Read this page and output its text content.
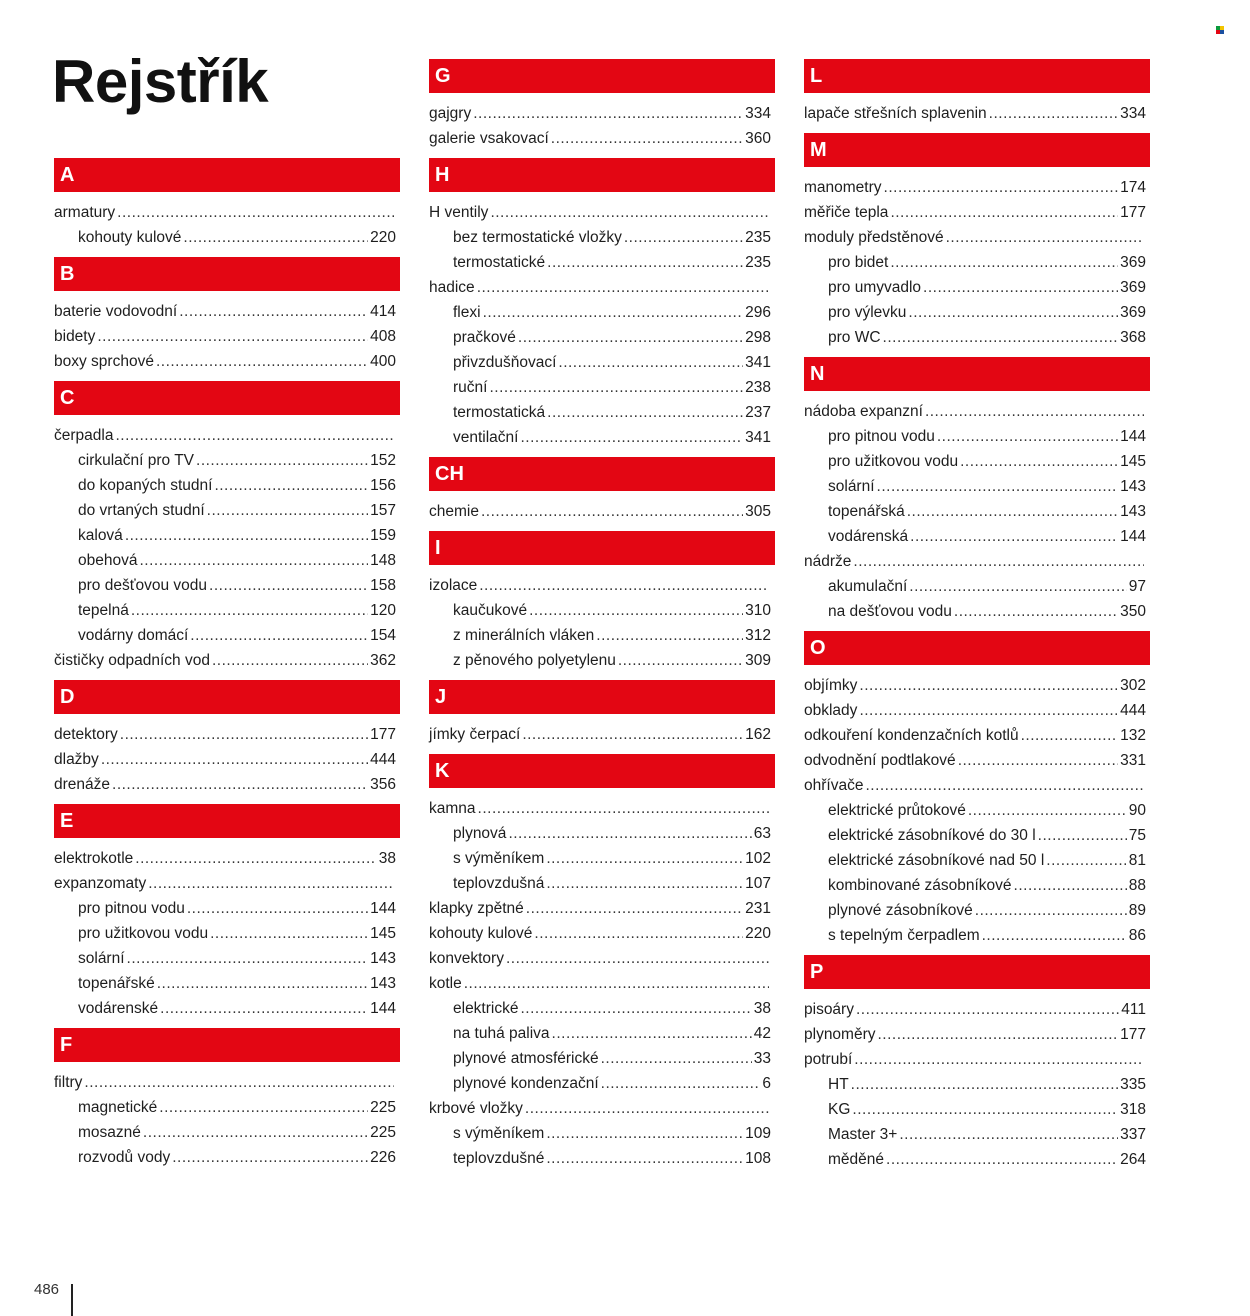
Rejstřík
A
armatury
.....
kohouty kulové .....	220
B
baterie vodovodní .....	414
bidety .....	408
boxy sprchové .....	400
C
čerpadla
.....
cirkulační pro TV .....	152
do kopaných studní .....	156
do vrtaných studní .....	157
kalová .....	159
obehová .....	148
pro dešťovou vodu .....	158
tepelná .....	120
vodárny domácí .....	154
čističky odpadních vod .....	362
D
detektory .....	177
dlažby .....	444
drenáže .....	356
E
elektrokotle .....	38
expanzomaty
.....
pro pitnou vodu .....	144
pro užitkovou vodu .....	145
solární .....	143
topenářské .....	143
vodárenské .....	144
F
filtry
.....
magnetické .....	225
mosazné .....	225
rozvodů vody .....	226
G
gajgry .....	334
galerie vsakovací .....	360
H
H ventily
.....
bez termostatické vložky .....	235
termostatické .....	235
hadice
.....
flexi .....	296
pračkové .....	298
přivzdušňovací .....	341
ruční .....	238
termostatická .....	237
ventilační .....	341
CH
chemie .....	305
I
izolace
.....
kaučukové .....	310
z minerálních vláken .....	312
z pěnového polyetylenu .....	309
J
jímky čerpací .....	162
K
kamna
.....
plynová .....	63
s výměníkem .....	102
teplovzdušná .....	107
klapky zpětné .....	231
kohouty kulové .....	220
konvektory
.....
kotle
.....
elektrické .....	38
na tuhá paliva .....	42
plynové atmosférické .....	33
plynové kondenzační .....	6
krbové vložky
.....
s výměníkem .....	109
teplovzdušné .....	108
L
lapače střešních splavenin .....	334
M
manometry .....	174
měřiče tepla .....	177
moduly předstěnové
.....
pro bidet .....	369
pro umyvadlo .....	369
pro výlevku .....	369
pro WC .....	368
N
nádoba expanzní
.....
pro pitnou vodu .....	144
pro užitkovou vodu .....	145
solární .....	143
topenářská .....	143
vodárenská .....	144
nádrže
.....
akumulační .....	97
na dešťovou vodu .....	350
O
objímky .....	302
obklady .....	444
odkouření kondenzačních kotlů .....	132
odvodnění podtlakové .....	331
ohřívače
.....
elektrické průtokové .....	90
elektrické zásobníkové do 30 l .....	75
elektrické zásobníkové nad 50 l .....	81
kombinované zásobníkové .....	88
plynové zásobníkové .....	89
s tepelným čerpadlem .....	86
P
pisoáry .....	411
plynoměry .....	177
potrubí
.....
HT .....	335
KG .....	318
Master 3+ .....	337
měděné .....	264
486
